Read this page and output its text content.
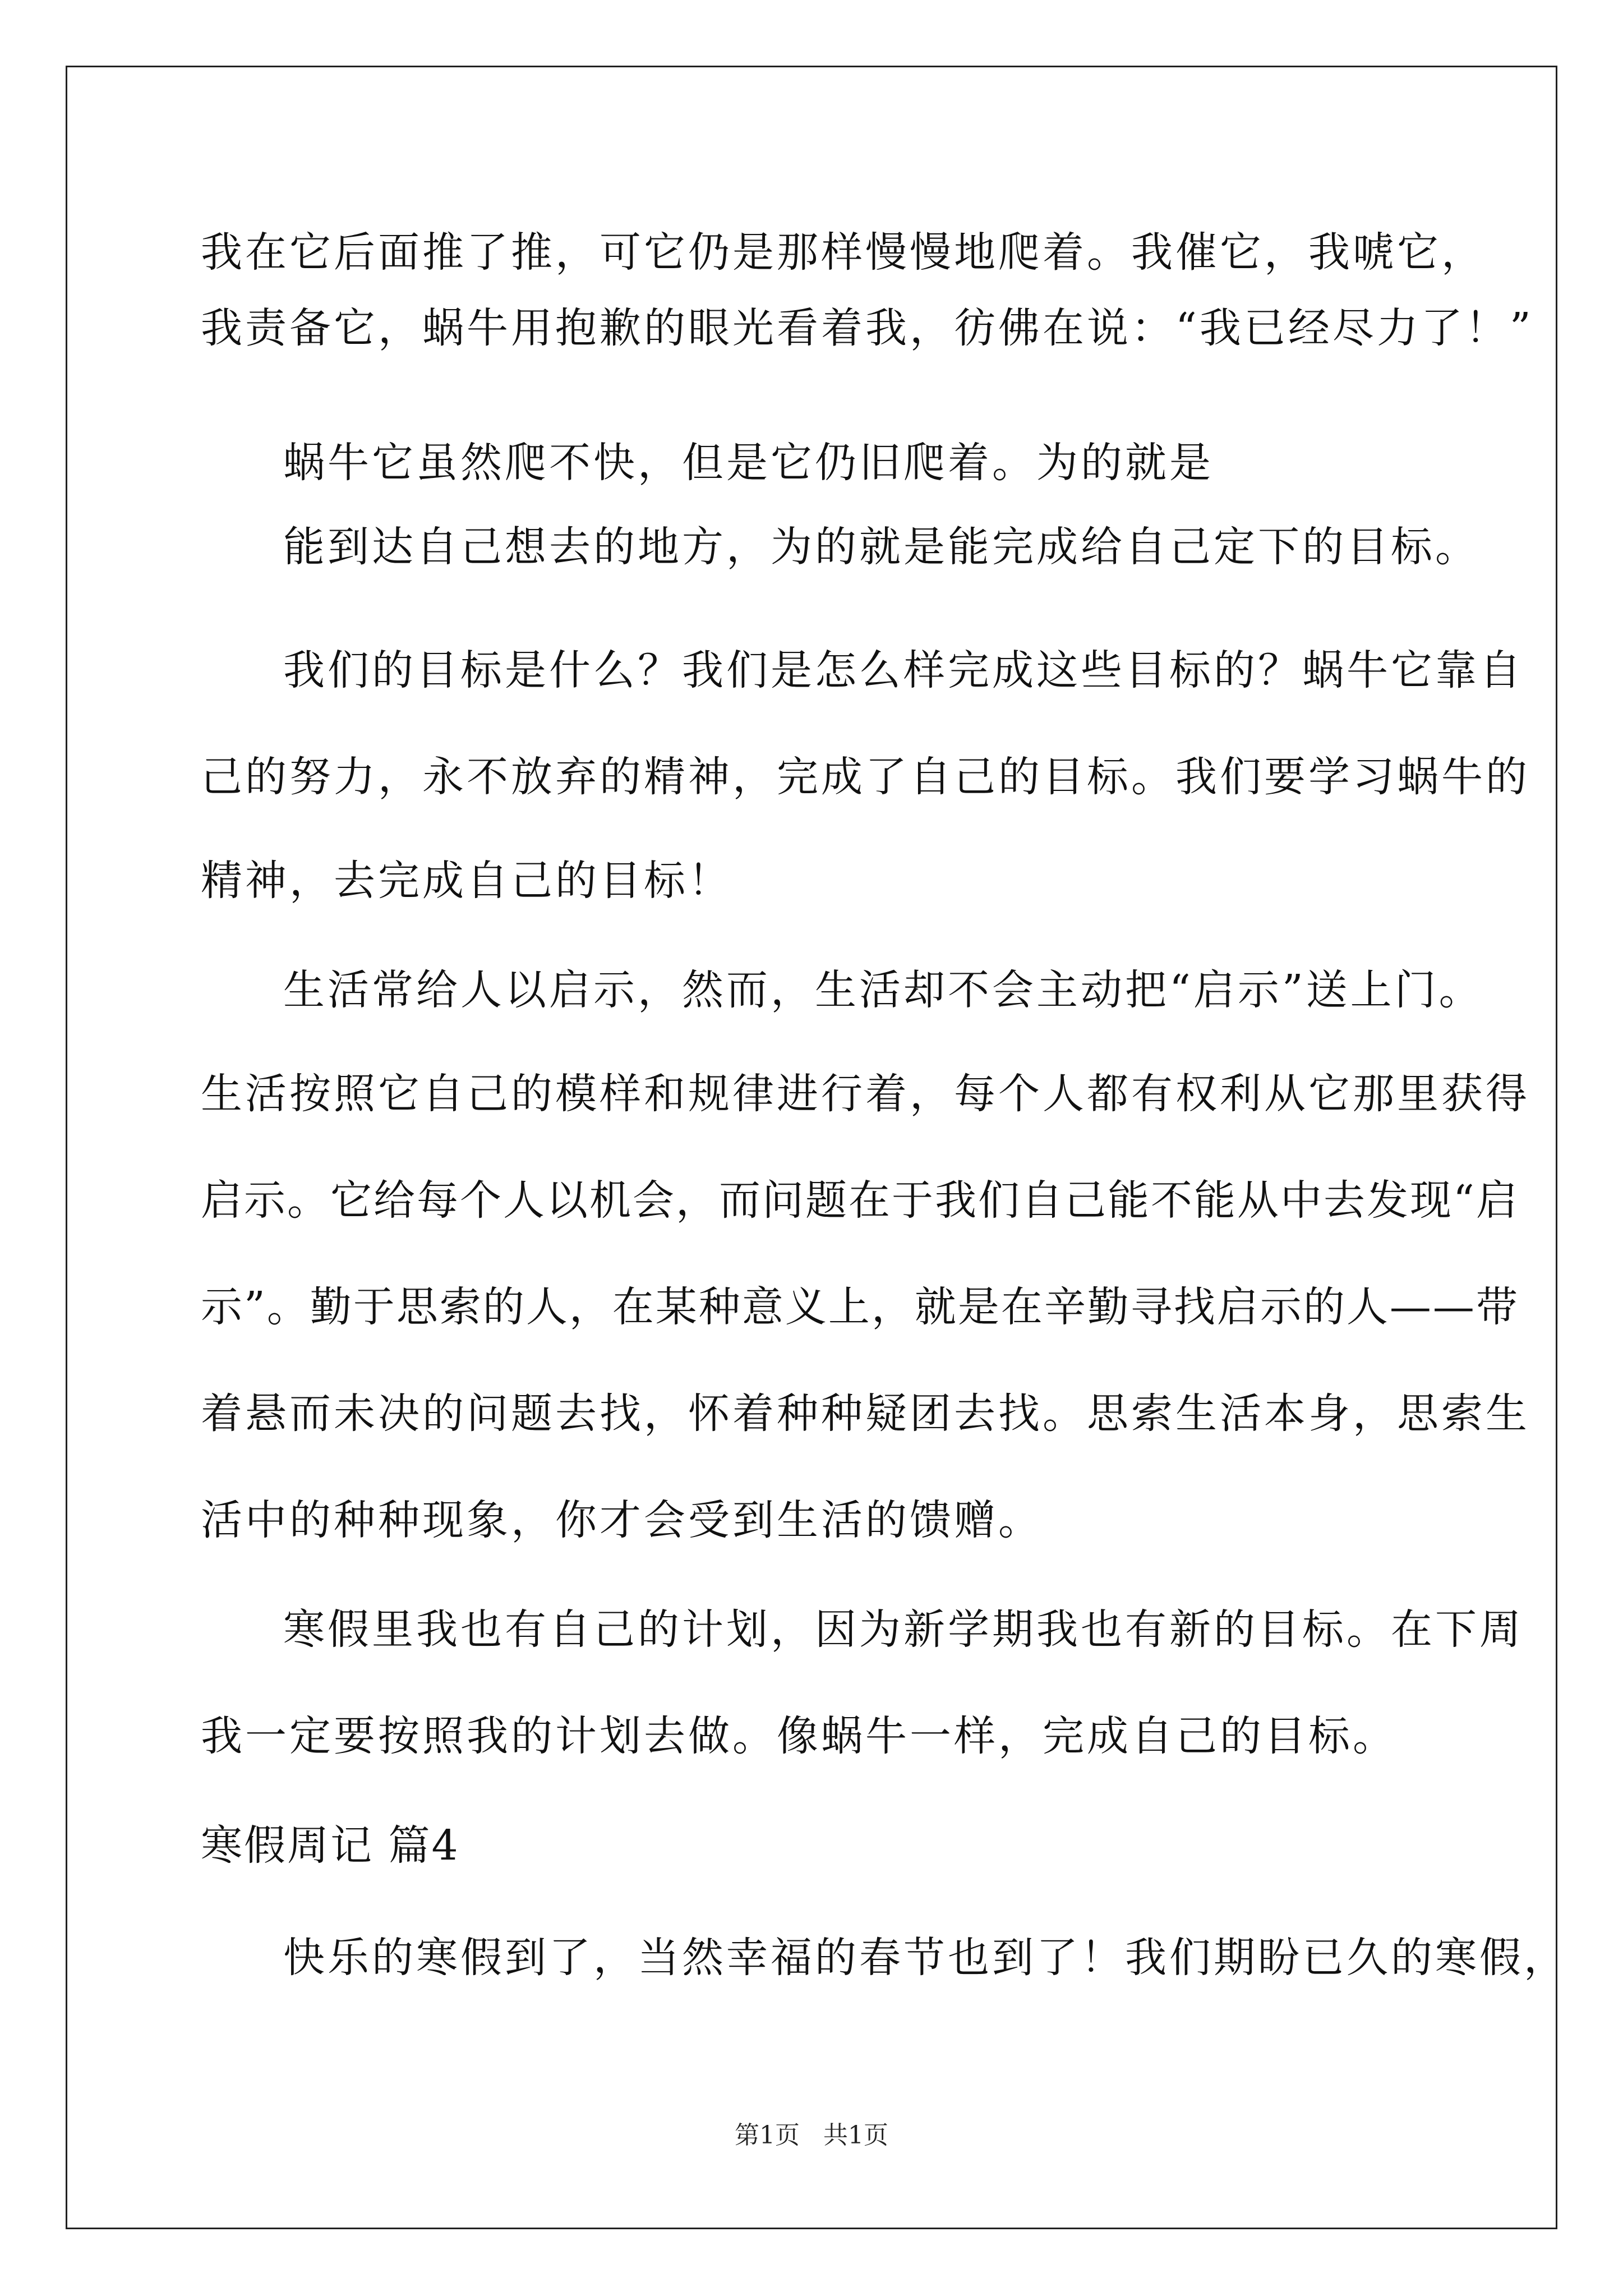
我在它后面推了推，可它仍是那样慢慢地爬着。我催它，我唬它，
我责备它，蜗牛用抱歉的眼光看着我，彷佛在说：“我已经尽力了！”
蜗牛它虽然爬不快，但是它仍旧爬着。为的就是
能到达自己想去的地方，为的就是能完成给自己定下的目标。
我们的目标是什么？我们是怎么样完成这些目标的？蜗牛它靠自
己的努力，永不放弃的精神，完成了自己的目标。我们要学习蜗牛的
精神，去完成自己的目标！
生活常给人以启示，然而，生活却不会主动把“启示”送上门。
生活按照它自己的模样和规律进行着，每个人都有权利从它那里获得
启示。它给每个人以机会，而问题在于我们自己能不能从中去发现“启
示”。勤于思索的人，在某种意义上，就是在辛勤寻找启示的人——带
着悬而未决的问题去找，怀着种种疑团去找。思索生活本身，思索生
活中的种种现象，你才会受到生活的馈赠。
寒假里我也有自己的计划，因为新学期我也有新的目标。在下周
我一定要按照我的计划去做。像蜗牛一样，完成自己的目标。
寒假周记 篇4
快乐的寒假到了，当然幸福的春节也到了！我们期盼已久的寒假，
第1页 共1页
